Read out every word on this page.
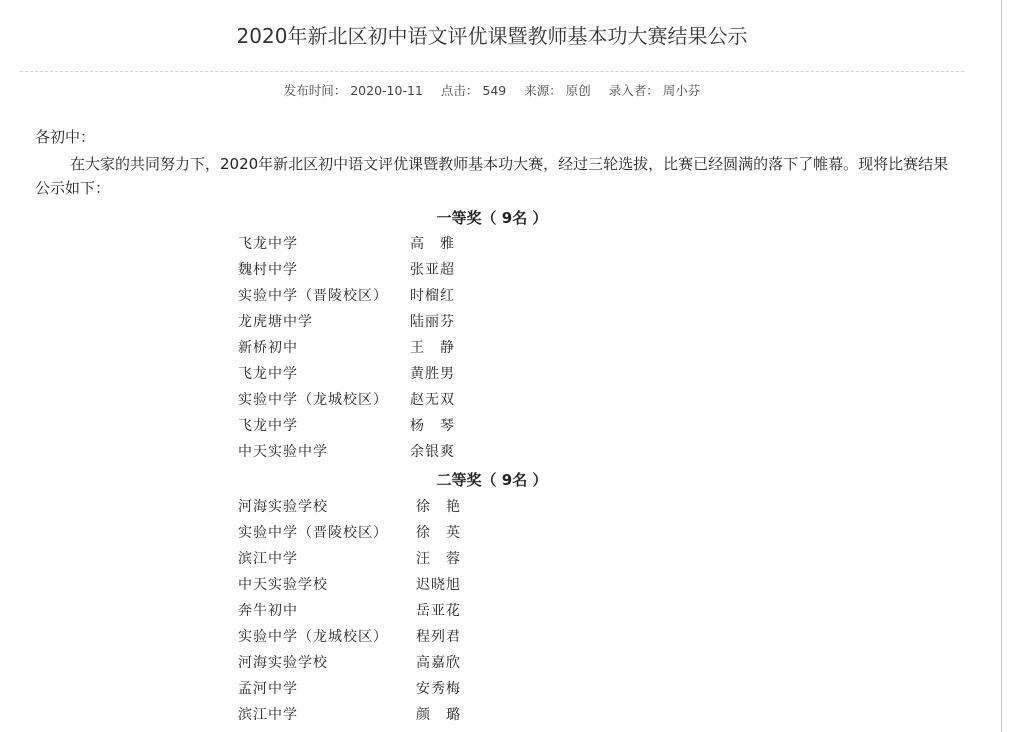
2020年新北区初中语文评优课暨教师基本功大赛结果公示
发布时间： 2020-10-11 点击： 549 来源： 原创 录入者： 周小芬
各初中：
在大家的共同努力下，2020年新北区初中语文评优课暨教师基本功大赛，经过三轮选拔，比赛已经圆满的落下了帷幕。现将比赛结果公示如下：
一等奖（ 9名 ）
飞龙中学	高　雅
魏村中学	张亚超
实验中学（晋陵校区） 时榴红
龙虎塘中学	陆丽芬
新桥初中	王　静
飞龙中学	黄胜男
实验中学（龙城校区） 赵无双
飞龙中学	杨　琴
中天实验中学	余银爽
二等奖（ 9名 ）
河海实验学校	徐　艳
实验中学（晋陵校区） 徐　英
滨江中学	汪　蓉
中天实验学校	迟晓旭
奔牛初中	岳亚花
实验中学（龙城校区） 程列君
河海实验学校	高嘉欣
孟河中学	安秀梅
滨江中学	颜　璐
